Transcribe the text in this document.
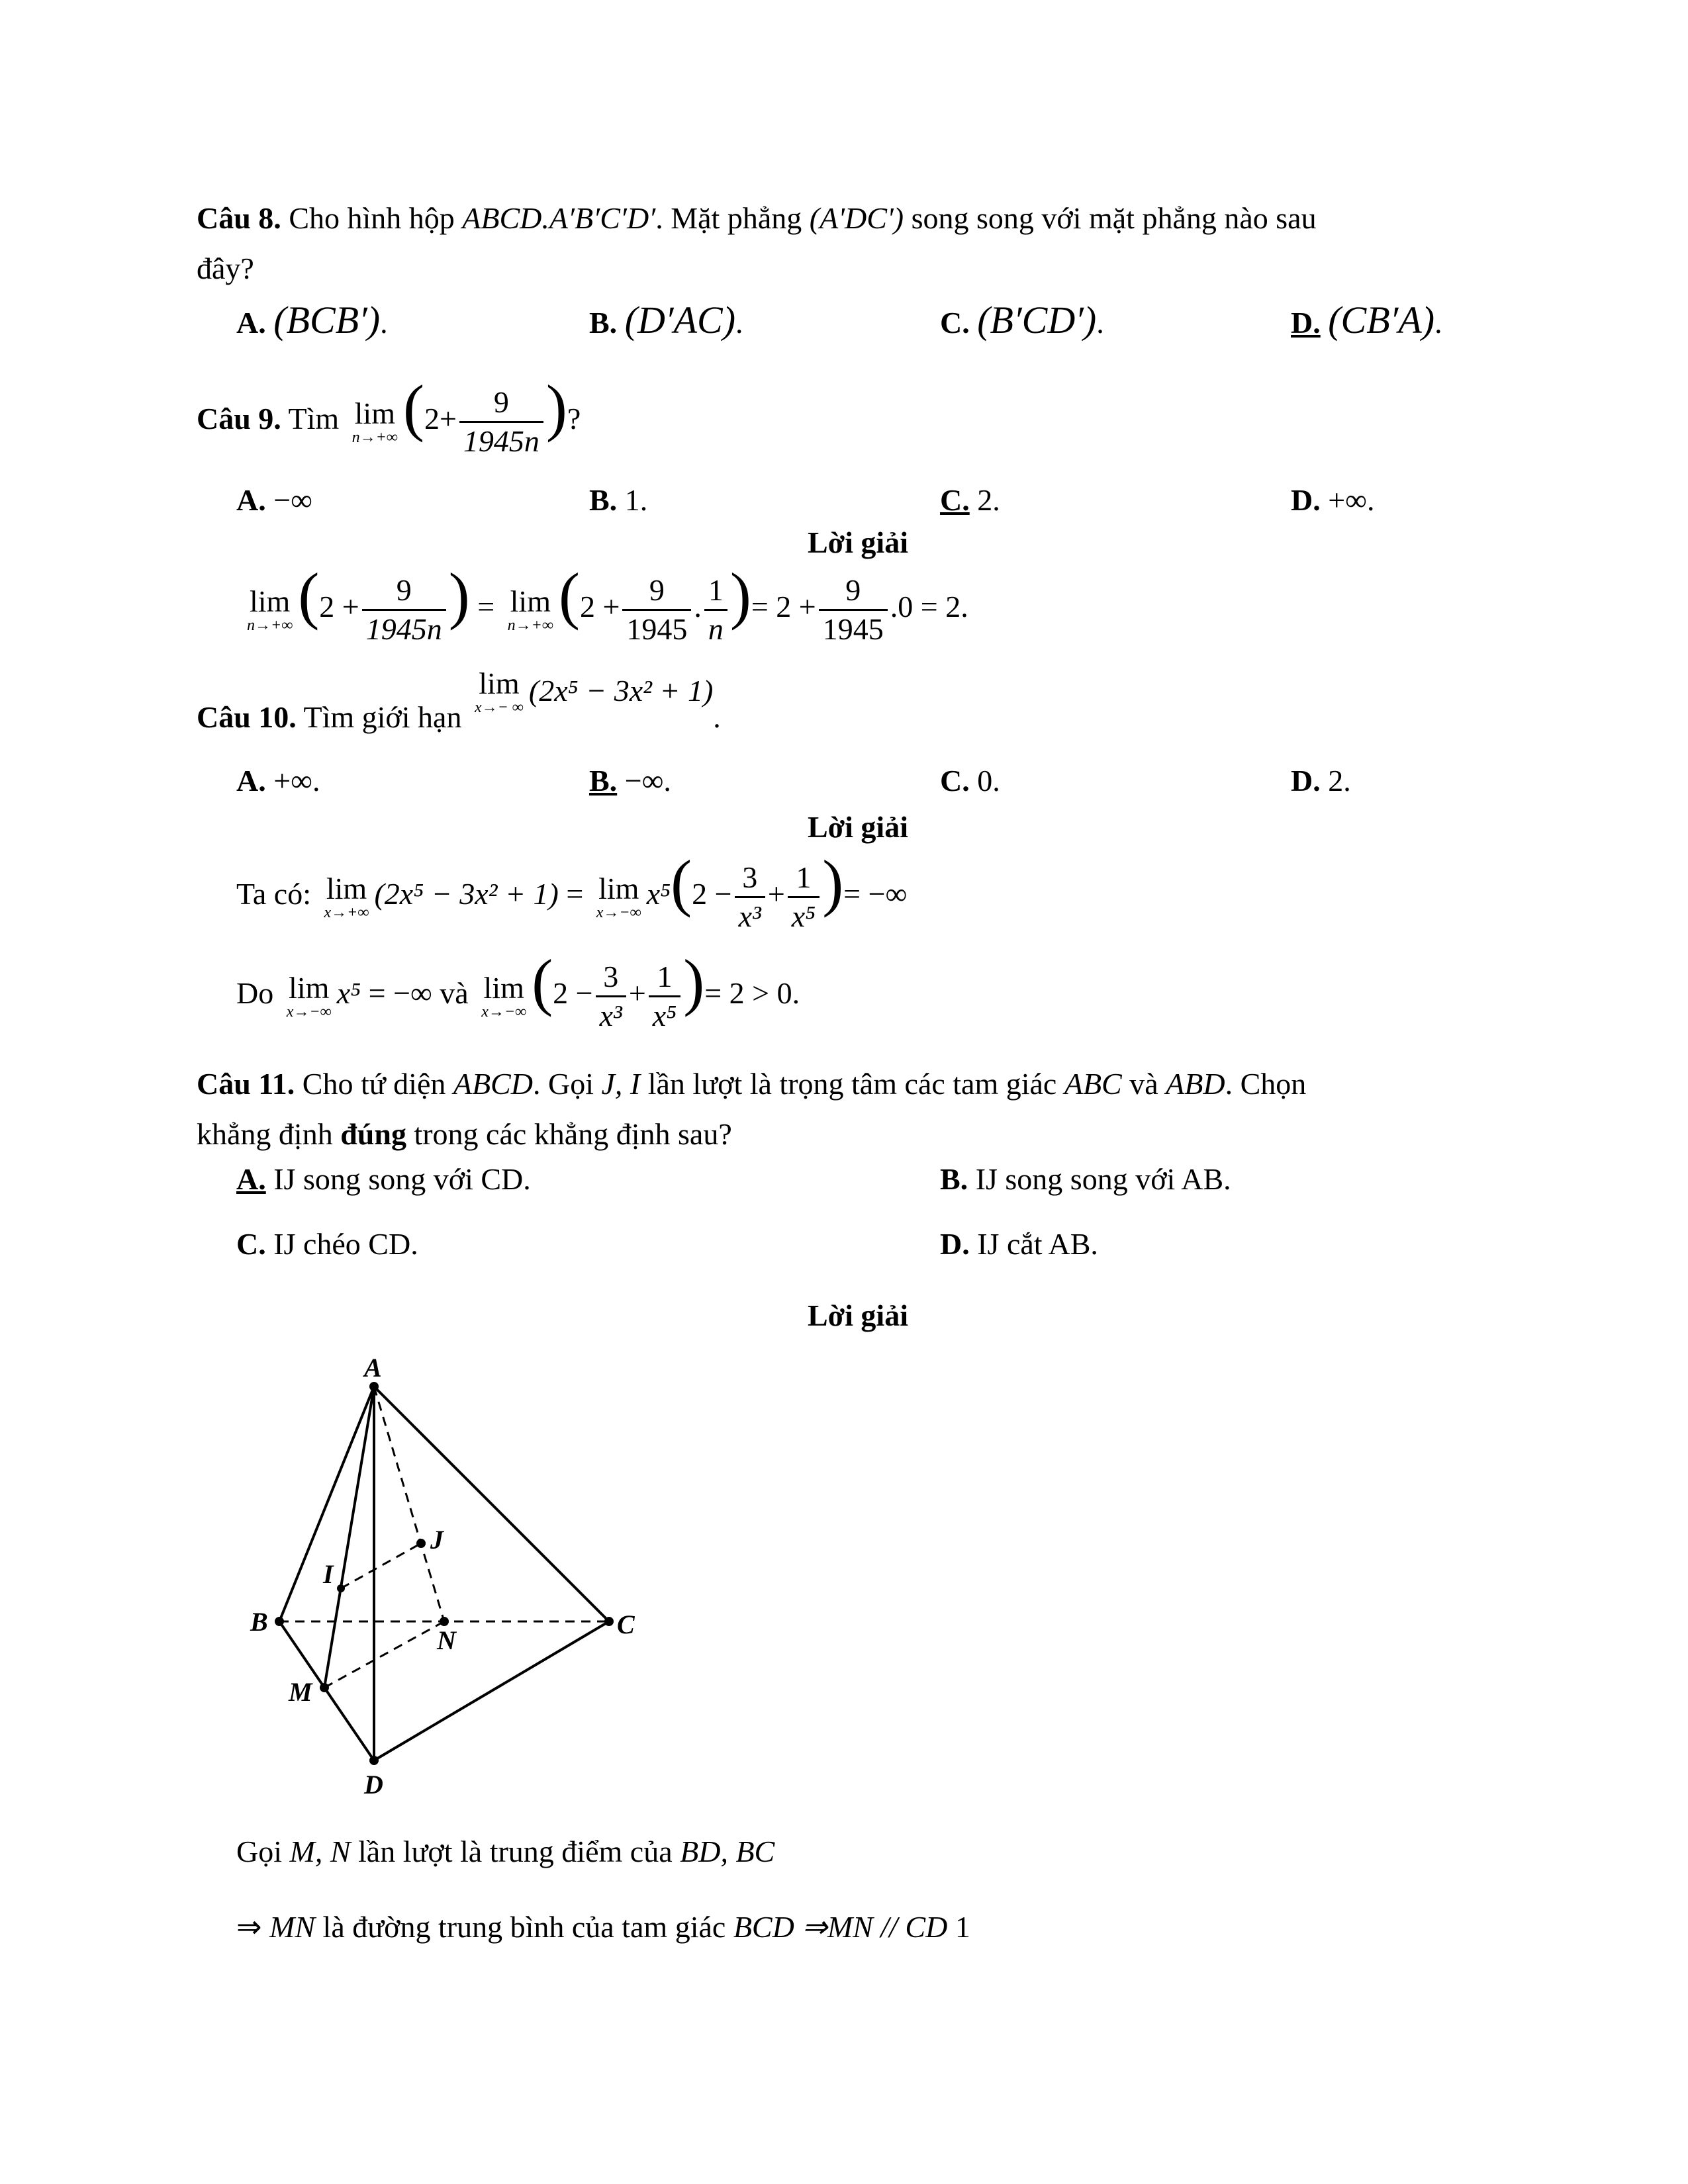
Câu 8. Cho hình hộp ABCD.A′B′C′D′. Mặt phẳng (A'DC') song song với mặt phẳng nào sau
đây?
A. (BCB′).	B. (D′AC).	C. (B′CD′).	D. (CB′A).
Câu 9. Tìm lim
n→+∞ ($2+ \frac{9}{1945n}$ )?
A. −∞	B. 1.	C. 2.	D. +∞.
Lời giải
lim
n→+∞ ($2 + \frac{9}{1945n}$ ) = lim
n→+∞ ($2 + \frac{9}{1945}$ . $\frac{1}{n}$ )= $2 + \frac{9}{1945} .0 = 2$.
Câu 10. Tìm giới hạn
lim
x→− ∞ (2x⁵ − 3x² + 1).
A. +∞.	B. −∞.	C. 0.	D. 2.
Lời giải
Ta có: lim
x→+∞
(2x⁵ − 3x² + 1) = lim
x→−∞
$x^5(2 - \frac{3}{\text{x³}} + \frac{1}{\text{x⁵}}$ )= −∞
Do lim
x→−∞
x⁵ = −∞ và lim
x→−∞ ($2 - \frac{3}{\text{x³}} + \frac{1}{\text{x⁵}}$ )= 2 > 0.
Câu 11. Cho tứ diện ABCD. Gọi J, I lần lượt là trọng tâm các tam giác ABC và ABD. Chọn
khẳng định đúng trong các khẳng định sau?
A. IJ song song với CD.	B. IJ song song với AB.
C. IJ chéo CD.	D. IJ cắt AB.
Lời giải
A
B	C
D
I
J
N
M
Gọi M, N lần lượt là trung điểm của BD, BC
⇒ MN là đường trung bình của tam giác BCD ⇒MN // CD 1
